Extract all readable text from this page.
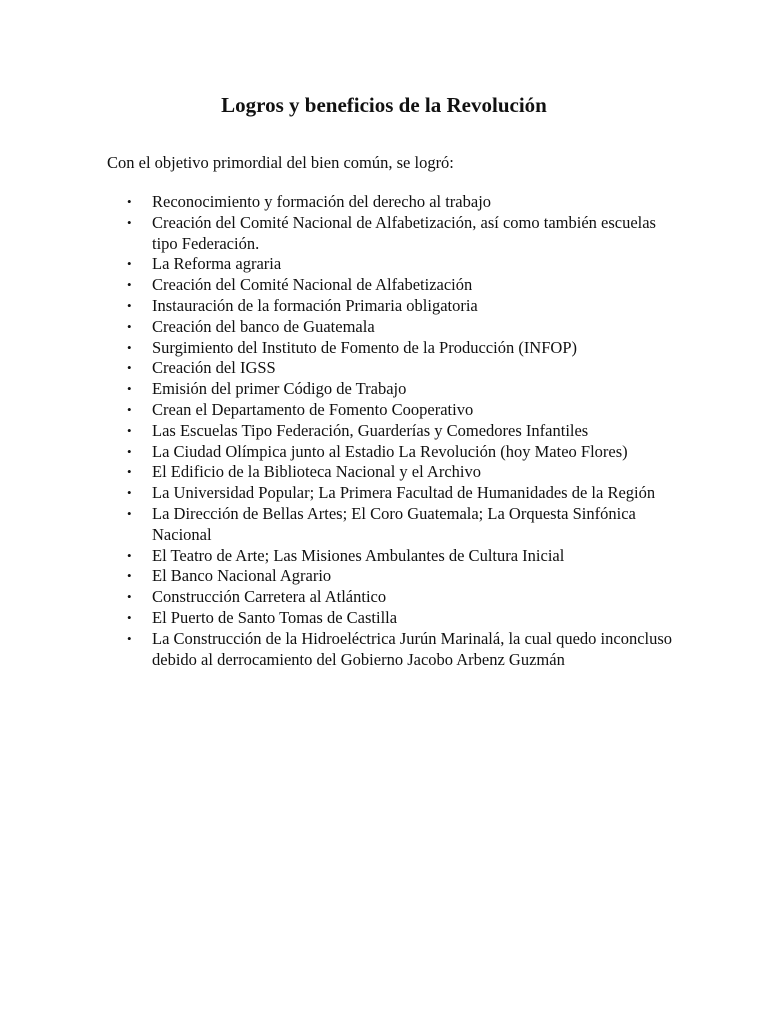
Logros y beneficios de la Revolución

Con el objetivo primordial del bien común, se logró:

• Reconocimiento y formación del derecho al trabajo
• Creación del Comité Nacional de Alfabetización, así como también escuelas tipo Federación.
• La Reforma agraria
• Creación del Comité Nacional de Alfabetización
• Instauración de la formación Primaria obligatoria
• Creación del banco de Guatemala
• Surgimiento del Instituto de Fomento de la Producción (INFOP)
• Creación del IGSS
• Emisión del primer Código de Trabajo
• Crean el Departamento de Fomento Cooperativo
• Las Escuelas Tipo Federación, Guarderías y Comedores Infantiles
• La Ciudad Olímpica junto al Estadio La Revolución (hoy Mateo Flores)
• El Edificio de la Biblioteca Nacional y el Archivo
• La Universidad Popular; La Primera Facultad de Humanidades de la Región
• La Dirección de Bellas Artes; El Coro Guatemala; La Orquesta Sinfónica Nacional
• El Teatro de Arte; Las Misiones Ambulantes de Cultura Inicial
• El Banco Nacional Agrario
• Construcción Carretera al Atlántico
• El Puerto de Santo Tomas de Castilla
• La Construcción de la Hidroeléctrica Jurún Marinalá, la cual quedo inconcluso debido al derrocamiento del Gobierno Jacobo Arbenz Guzmán
